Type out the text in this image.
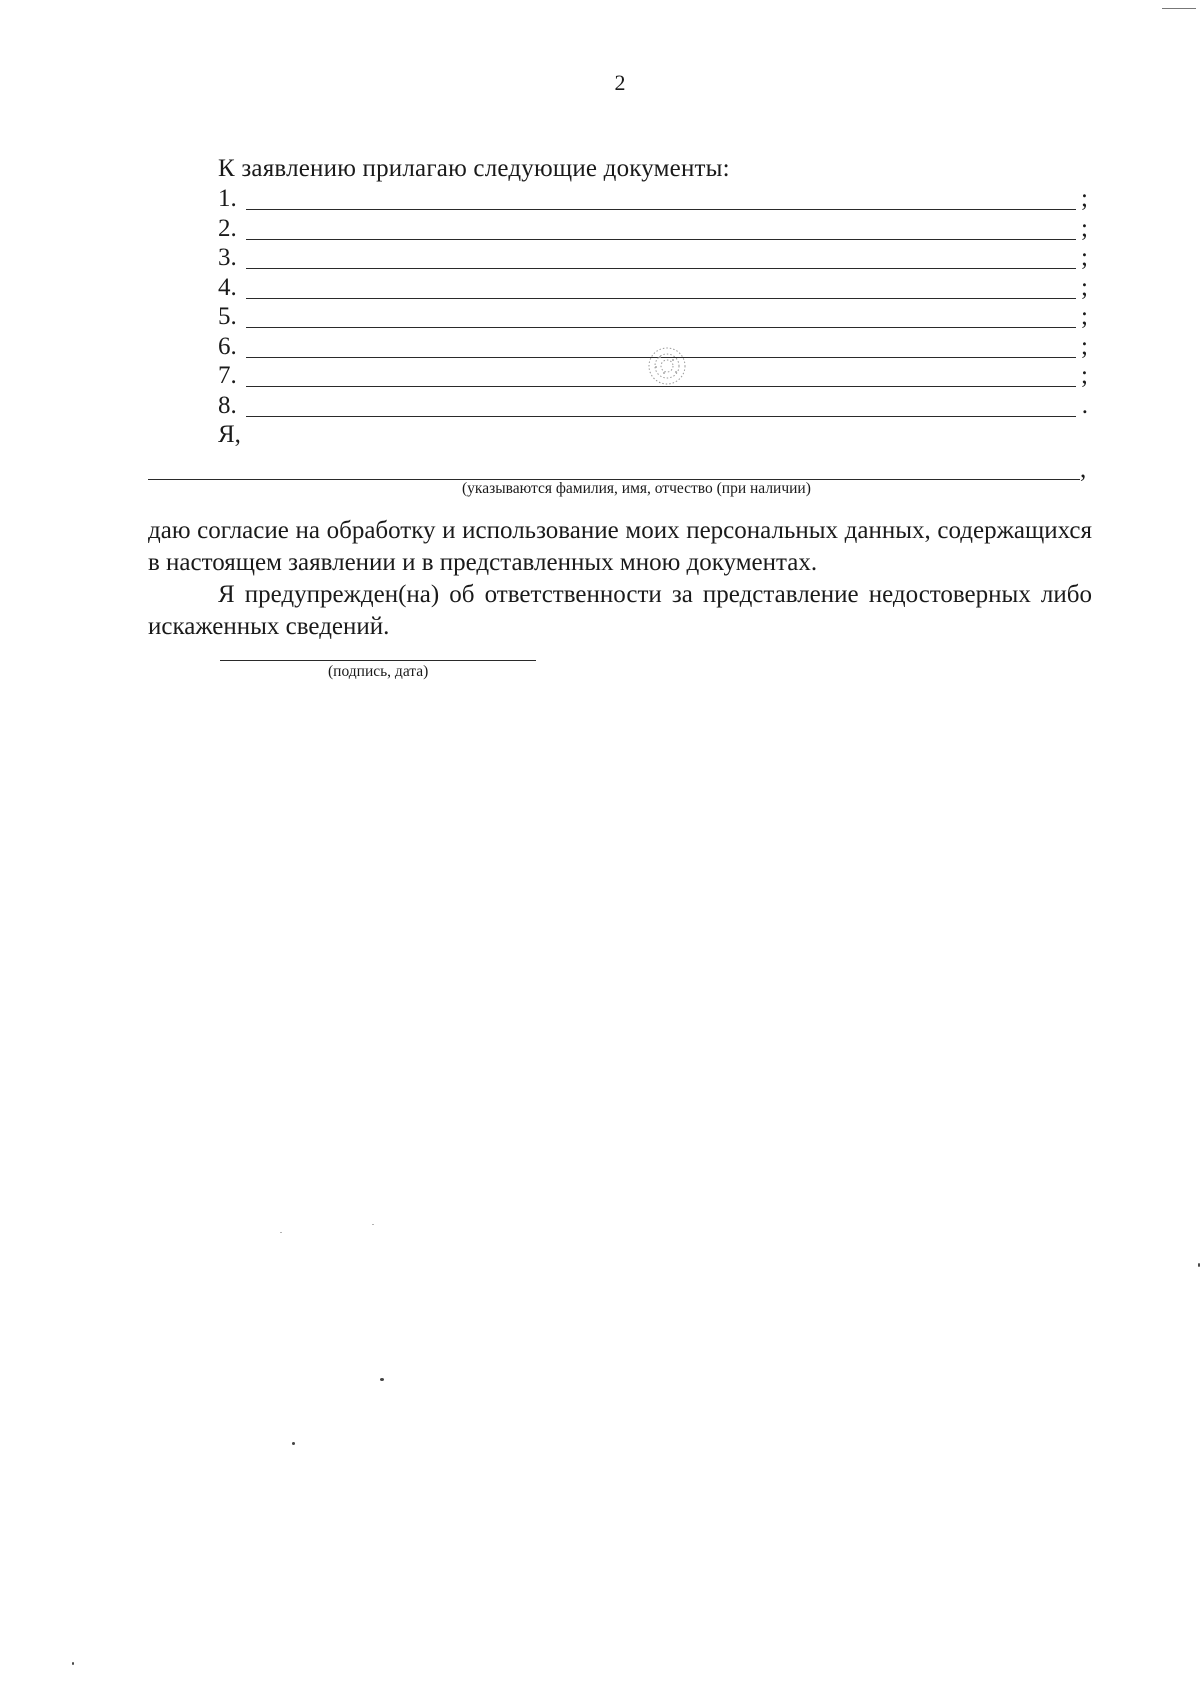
2
К заявлению прилагаю следующие документы:
1.	;
2.	;
3.	;
4.	;
5.	;
6.	;
7.	;
8.	.
Я,
,
(указываются фамилия, имя, отчество (при наличии)

даю согласие на обработку и использование моих персональных данных, содержащихся в настоящем заявлении и в представленных мною документах.

Я предупрежден(на) об ответственности за представление недостоверных либо искаженных сведений.

(подпись, дата)
